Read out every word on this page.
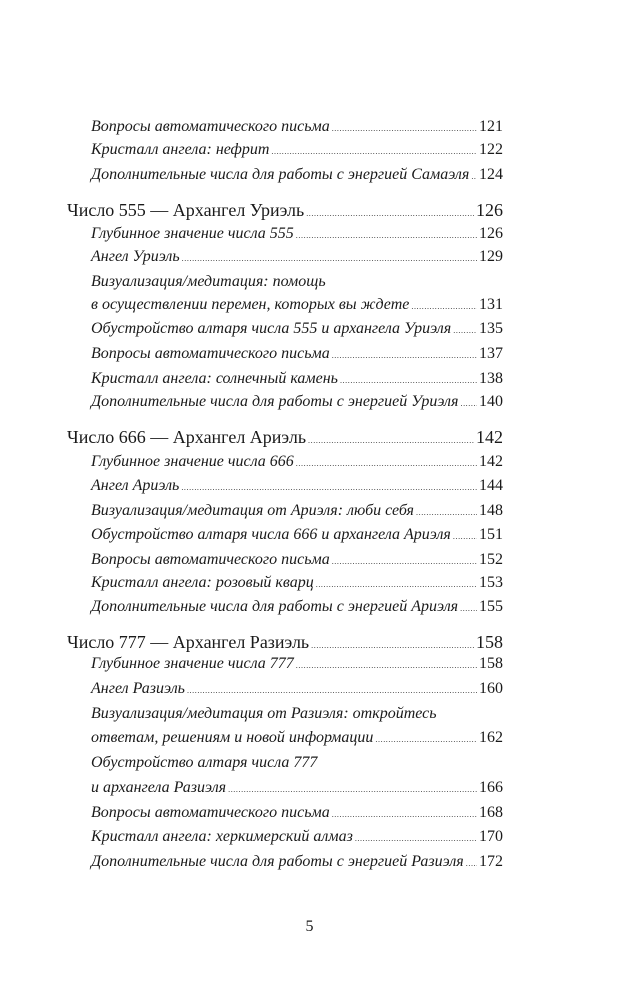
Вопросы автоматического письма . . .	121
Кристалл ангела: нефрит . . .	122
Дополнительные числа для работы с энергией Самаэля . . . 124
Число 555 — Архангел Уриэль . . .	126
Глубинное значение числа 555 . . .	126
Ангел Уриэль . . .	129
Визуализация/медитация: помощь
в осуществлении перемен, которых вы ждете . . .	131
Обустройство алтаря числа 555 и архангела Уриэля . . . 135
Вопросы автоматического письма . . .	137
Кристалл ангела: солнечный камень . . .	138
Дополнительные числа для работы с энергией Уриэля . . . 140
Число 666 — Архангел Ариэль . . .	142
Глубинное значение числа 666 . . .	142
Ангел Ариэль . . .	144
Визуализация/медитация от Ариэля: люби себя . . .	148
Обустройство алтаря числа 666 и архангела Ариэля . . . 151
Вопросы автоматического письма . . .	152
Кристалл ангела: розовый кварц . . .	153
Дополнительные числа для работы с энергией Ариэля . . . 155
Число 777 — Архангел Разиэль . . .	158
Глубинное значение числа 777 . . .	158
Ангел Разиэль . . .	160
Визуализация/медитация от Разиэля: откройтесь
ответам, решениям и новой информации . . .	162
Обустройство алтаря числа 777
и архангела Разиэля . . .	166
Вопросы автоматического письма . . .	168
Кристалл ангела: херкимерский алмаз . . .	170
Дополнительные числа для работы с энергией Разиэля . . . 172
5
